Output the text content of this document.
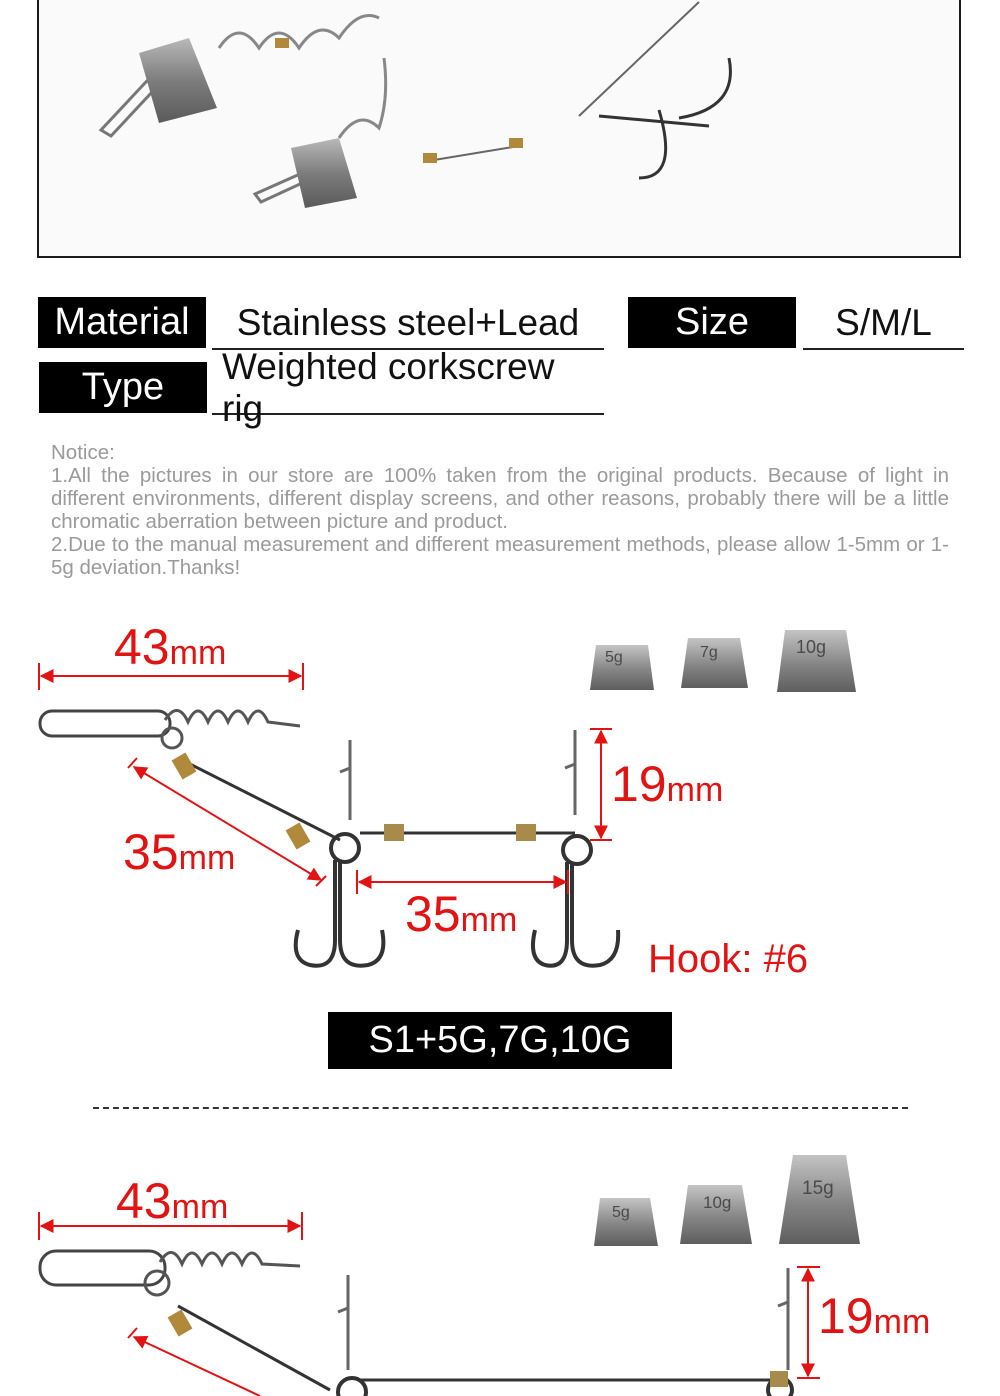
Material	Stainless steel+Lead	Size	S/M/L
Type	Weighted corkscrew rig

Notice:

1.All the pictures in our store are 100% taken from the original products. Because of light in different environments, different display screens, and other reasons, probably there will be a little chromatic aberration between picture and product.

2.Due to the manual measurement and different measurement methods, please allow 1-5mm or 1-5g deviation.Thanks!

43mm
35mm
35mm
19mm
Hook: #6
5g	7g	10g
S1+5G,7G,10G
43mm
19mm
5g
10g
15g
